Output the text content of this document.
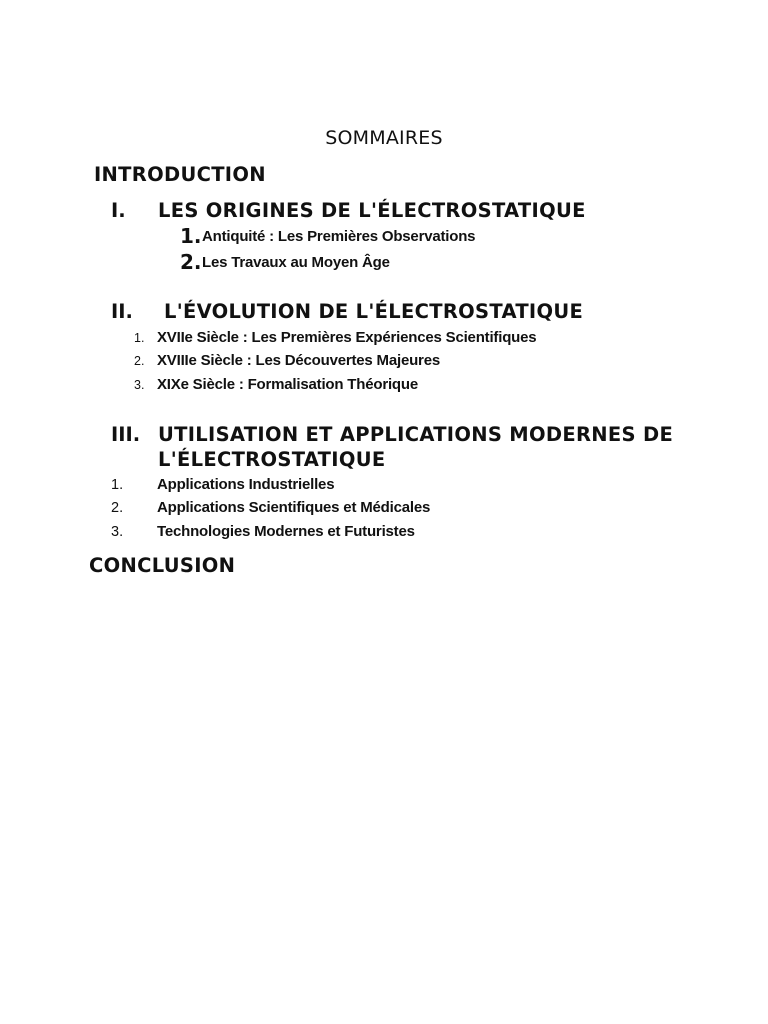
SOMMAIRES
INTRODUCTION
I. LES ORIGINES DE L'ÉLECTROSTATIQUE
1. Antiquité : Les Premières Observations
2. Les Travaux au Moyen Âge
II. L'ÉVOLUTION DE L'ÉLECTROSTATIQUE
1. XVIIe Siècle : Les Premières Expériences Scientifiques
2. XVIIIe Siècle : Les Découvertes Majeures
3. XIXe Siècle : Formalisation Théorique
III. UTILISATION ET APPLICATIONS MODERNES DE
L'ÉLECTROSTATIQUE
1. Applications Industrielles
2. Applications Scientifiques et Médicales
3. Technologies Modernes et Futuristes
CONCLUSION
